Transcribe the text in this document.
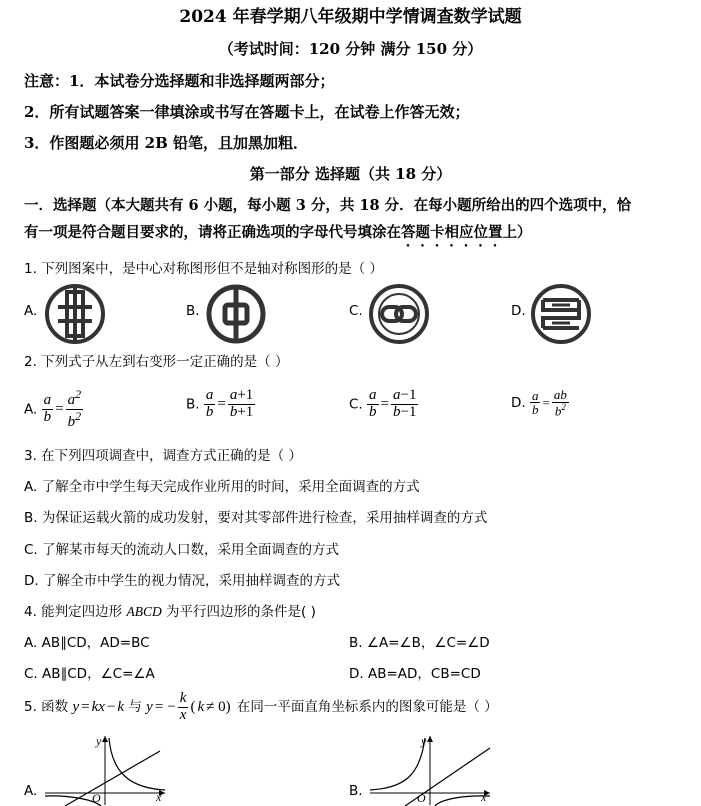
2024 年春学期八年级期中学情调查数学试题
（考试时间：120 分钟 满分 150 分）
注意：1．本试卷分选择题和非选择题两部分；
2．所有试题答案一律填涂或书写在答题卡上，在试卷上作答无效；
3．作图题必须用 2B 铅笔，且加黑加粗．
第一部分 选择题（共 18 分）
一．选择题（本大题共有 6 小题，每小题 3 分，共 18 分．在每小题所给出的四个选项中，恰
有一项是符合题目要求的，请将正确选项的字母代号填涂在答题卡相应位置上）
1. 下列图案中，是中心对称图形但不是轴对称图形的是（ ）
A.	B.	C.	D.
2. 下列式子从左到右变形一定正确的是（ ）
A. $\frac{a}{b} = \frac{a^2}{b^2}$	B. $\frac{a}{b} = \frac{a+1}{b+1}$	C. $\frac{a}{b} = \frac{a-1}{b-1}$	D. $\frac{a}{b} = \frac{ab}{b^2}$
3. 在下列四项调查中，调查方式正确的是（ ）
A. 了解全市中学生每天完成作业所用的时间，采用全面调查的方式
B. 为保证运载火箭的成功发射，要对其零部件进行检查，采用抽样调查的方式
C. 了解某市每天的流动人口数，采用全面调查的方式
D. 了解全市中学生的视力情况，采用抽样调查的方式
4. 能判定四边形 ABCD 为平行四边形的条件是( )
A. AB∥CD，AD=BC	B. ∠A=∠B，∠C=∠D
C. AB∥CD，∠C=∠A	D. AB=AD，CB=CD
5. 函数 y = kx − k 与 y = − $\frac{k}{x}$ ( k ≠ 0) 在同一平面直角坐标系内的图象可能是（ ）
A.	B.
y
x
O
y
x
O
